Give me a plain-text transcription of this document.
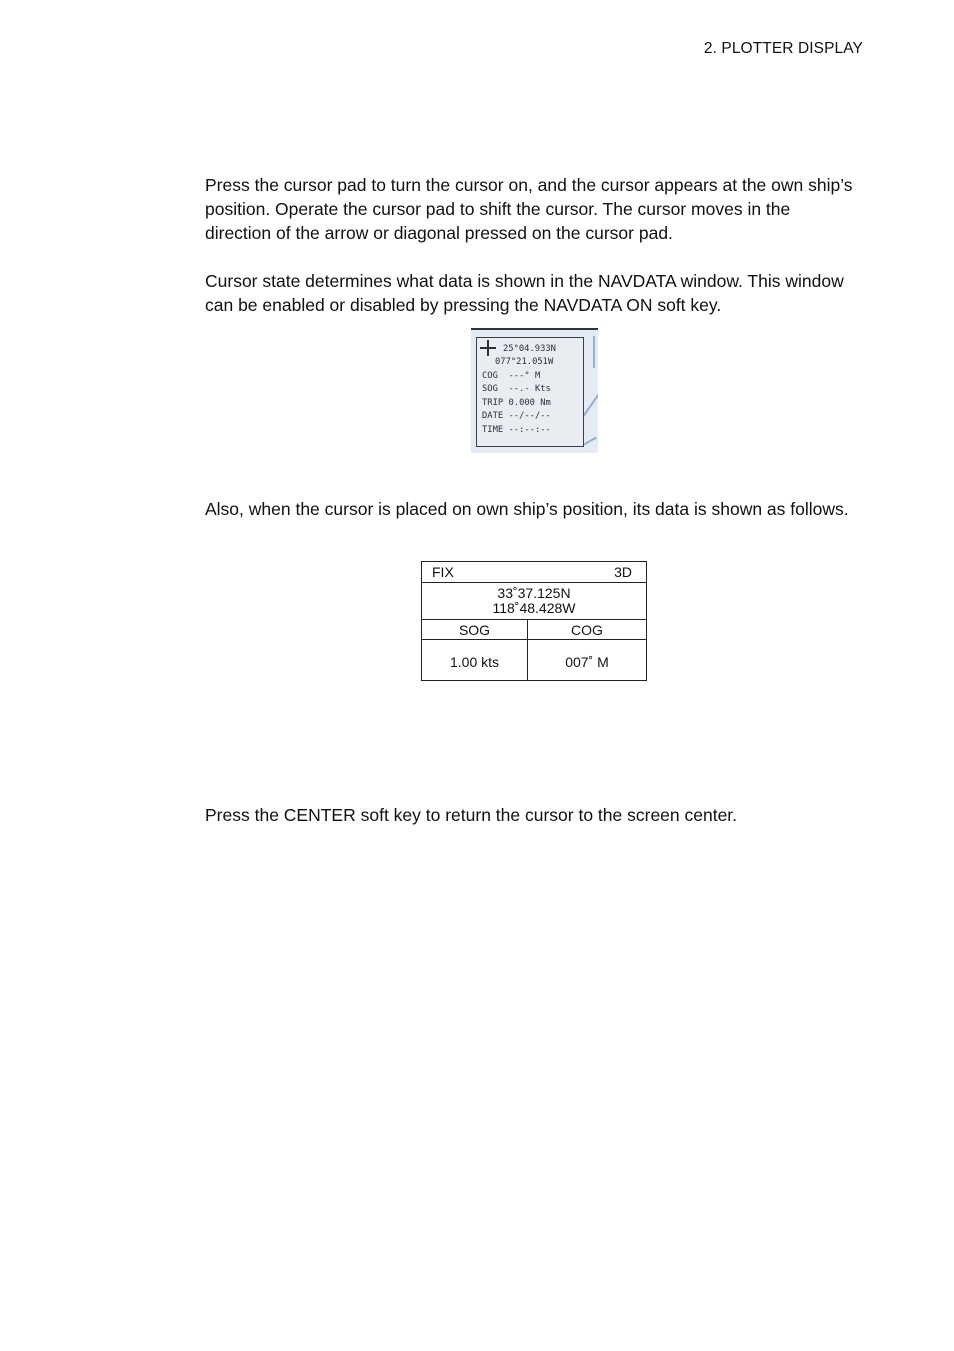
2. PLOTTER DISPLAY

Press the cursor pad to turn the cursor on, and the cursor appears at the own ship’s position. Operate the cursor pad to shift the cursor. The cursor moves in the direction of the arrow or diagonal pressed on the cursor pad.

Cursor state determines what data is shown in the NAVDATA window. This window can be enabled or disabled by pressing the NAVDATA ON soft key.

25°04.933N
077°21.051W
COG  ---° M
SOG  --.- Kts
TRIP 0.000 Nm
DATE --/--/--
TIME --:--:--

Also, when the cursor is placed on own ship’s position, its data is shown as follows.

FIX 3D	

33˚37.125N
118˚48.428W	

SOG	COG
1.00 kts	007˚ M

Press the CENTER soft key to return the cursor to the screen center.
